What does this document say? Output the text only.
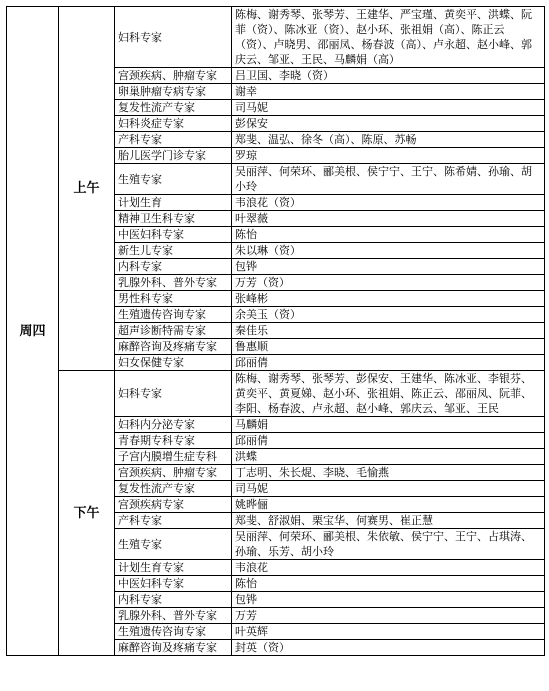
周四	上午	妇科专家	陈梅、谢秀琴、张琴芳、王建华、严宝瑾、黄奕平、洪蝶、阮菲（资）、陈冰亚（资）、赵小环、张祖娟（高）、陈正云（资）、卢晓男、邵丽凤、杨春波（高）、卢永超、赵小峰、郭庆云、邹亚、王民、马麟娟（高）
		宫颈疾病、肿瘤专家	吕卫国、李晓（资）
		卵巢肿瘤专病专家	谢幸
		复发性流产专家	司马妮
		妇科炎症专家	彭保安
		产科专家	郑斐、温弘、徐冬（高）、陈原、苏畅
		胎儿医学门诊专家	罗琼
		生殖专家	吴丽萍、何荣环、郦美根、侯宁宁、王宁、陈希婧、孙瑜、胡小玲
		计划生育	韦浪花（资）
		精神卫生科专家	叶翠薇
		中医妇科专家	陈怡
		新生儿专家	朱以琳（资）
		内科专家	包铧
		乳腺外科、普外专家	万芳（资）
		男性科专家	张峰彬
		生殖遗传咨询专家	余美玉（资）
		超声诊断特需专家	秦佳乐
		麻醉咨询及疼痛专家	鲁惠顺
		妇女保健专家	邱丽倩
	下午	妇科专家	陈梅、谢秀琴、张琴芳、彭保安、王建华、陈冰亚、李银芬、黄奕平、黄夏娣、赵小环、张祖娟、陈正云、邵丽凤、阮菲、李阳、杨春波、卢永超、赵小峰、郭庆云、邹亚、王民
		妇科内分泌专家	马麟娟
		青春期专科专家	邱丽倩
		子宫内膜增生症专科	洪蝶
		宫颈疾病、肿瘤专家	丁志明、朱长焜、李晓、毛愉燕
		复发性流产专家	司马妮
		宫颈疾病专家	姚晔俪
		产科专家	郑斐、舒淑娟、栗宝华、何赛男、崔正慧
		生殖专家	吴丽萍、何荣环、郦美根、朱依敏、侯宁宁、王宁、占琪涛、孙瑜、乐芳、胡小玲
		计划生育专家	韦浪花
		中医妇科专家	陈怡
		内科专家	包铧
		乳腺外科、普外专家	万芳
		生殖遗传咨询专家	叶英辉
		麻醉咨询及疼痛专家	封英（资）
